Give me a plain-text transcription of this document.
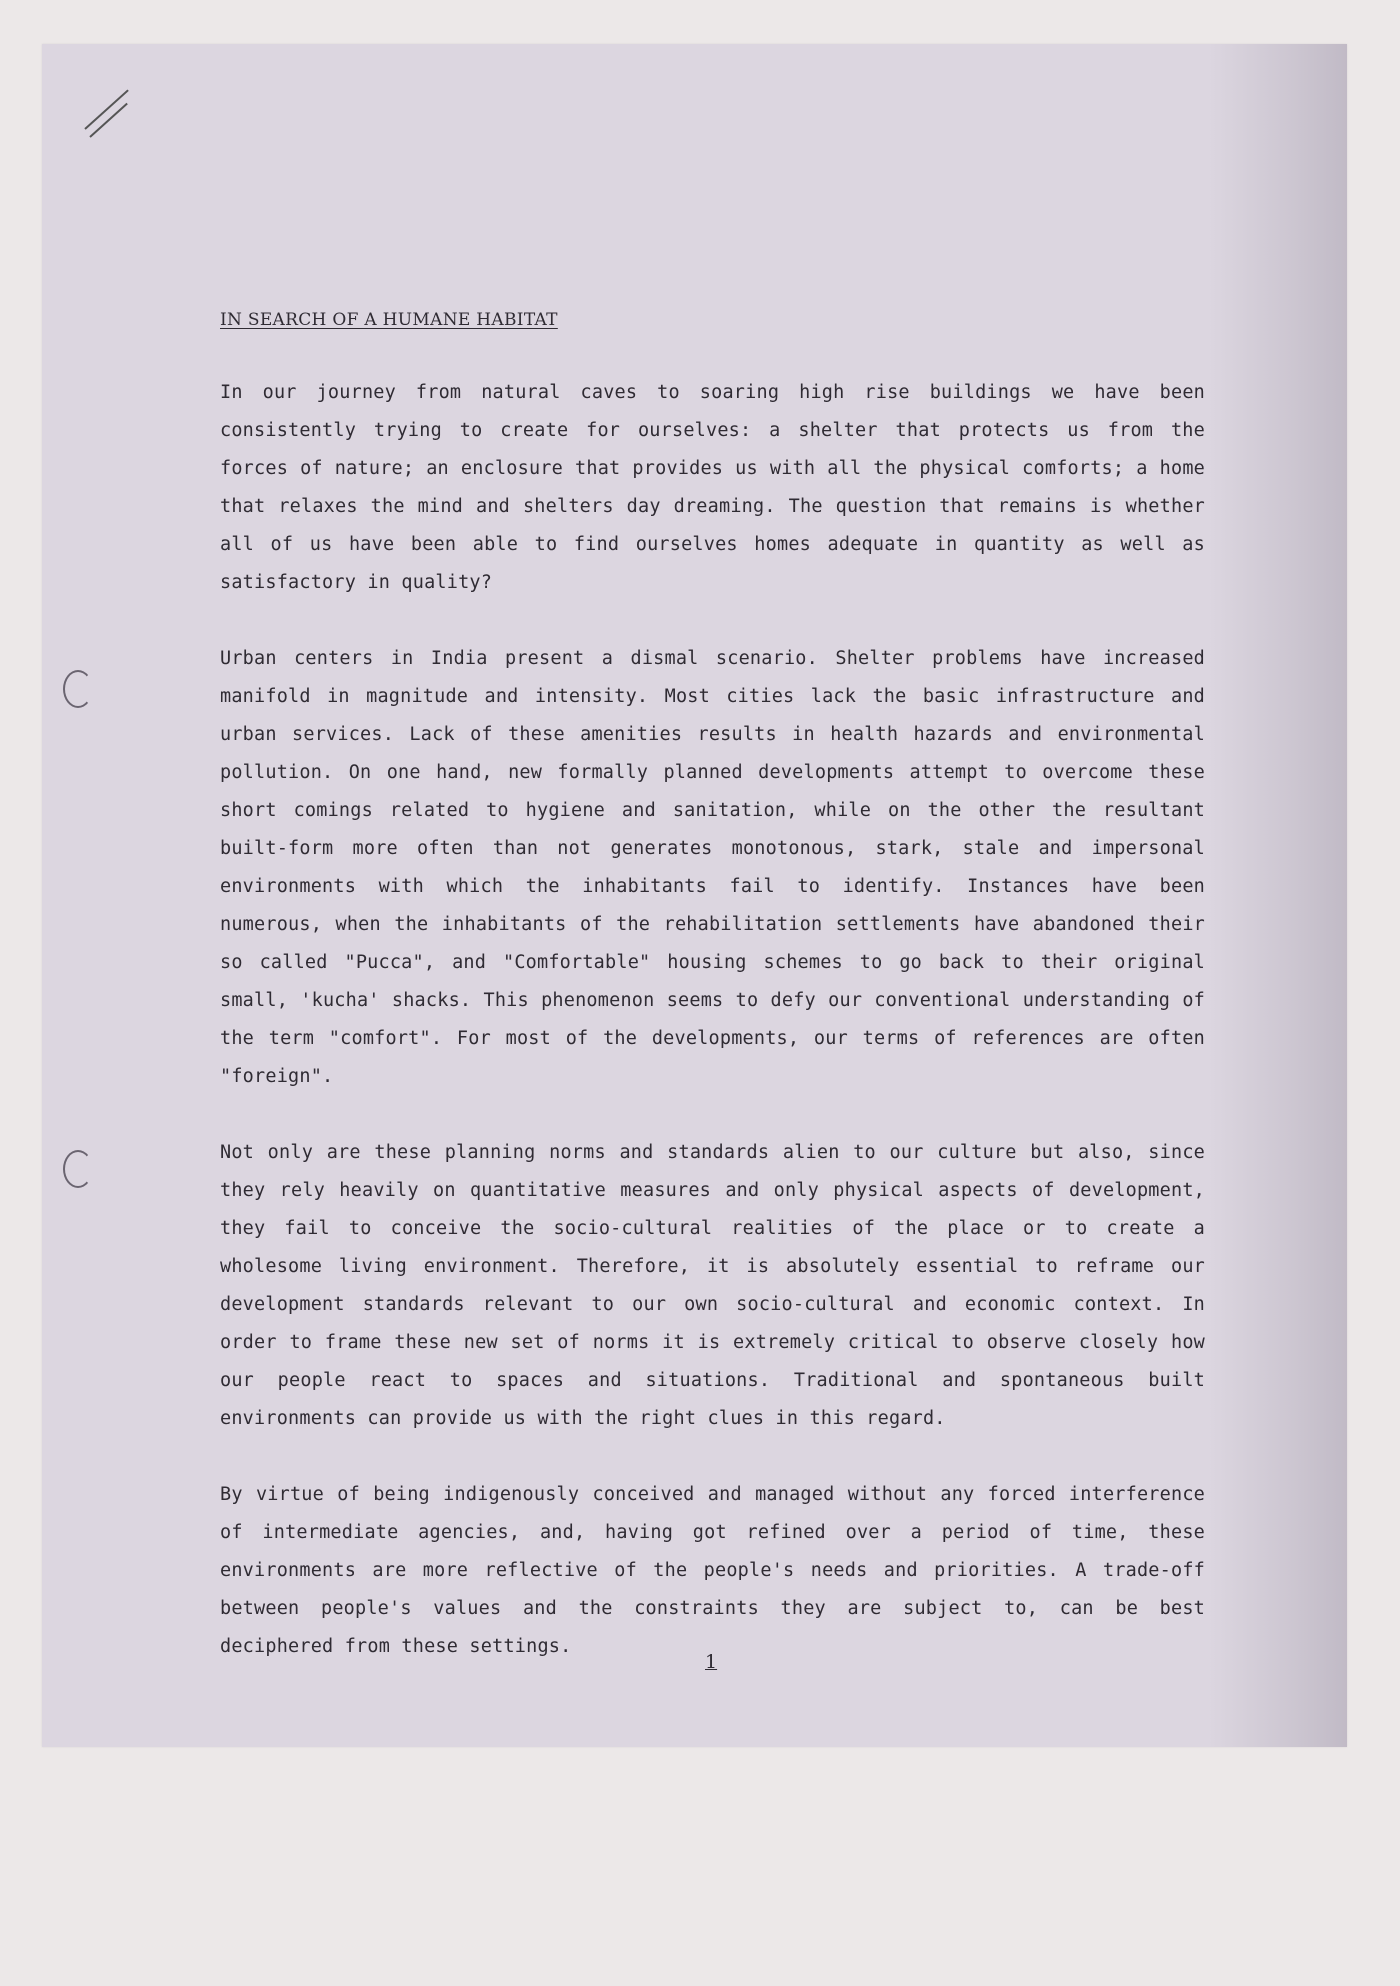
IN SEARCH OF A HUMANE HABITAT

In our journey from natural caves to soaring high rise buildings we have been consistently trying to create for ourselves: a shelter that protects us from the forces of nature; an enclosure that provides us with all the physical comforts; a home that relaxes the mind and shelters day dreaming. The question that remains is whether all of us have been able to find ourselves homes adequate in quantity as well as satisfactory in quality?

Urban centers in India present a dismal scenario. Shelter problems have increased manifold in magnitude and intensity. Most cities lack the basic infrastructure and urban services. Lack of these amenities results in health hazards and environmental pollution. On one hand, new formally planned developments attempt to overcome these short comings related to hygiene and sanitation, while on the other the resultant built-form more often than not generates monotonous, stark, stale and impersonal environments with which the inhabitants fail to identify. Instances have been numerous, when the inhabitants of the rehabilitation settlements have abandoned their so called "Pucca", and "Comfortable" housing schemes to go back to their original small, 'kucha' shacks. This phenomenon seems to defy our conventional understanding of the term "comfort". For most of the developments, our terms of references are often "foreign".

Not only are these planning norms and standards alien to our culture but also, since they rely heavily on quantitative measures and only physical aspects of development, they fail to conceive the socio-cultural realities of the place or to create a wholesome living environment. Therefore, it is absolutely essential to reframe our development standards relevant to our own socio-cultural and economic context. In order to frame these new set of norms it is extremely critical to observe closely how our people react to spaces and situations. Traditional and spontaneous built environments can provide us with the right clues in this regard.

By virtue of being indigenously conceived and managed without any forced interference of intermediate agencies, and, having got refined over a period of time, these environments are more reflective of the people's needs and priorities. A trade-off between people's values and the constraints they are subject to, can be best deciphered from these settings.

1
